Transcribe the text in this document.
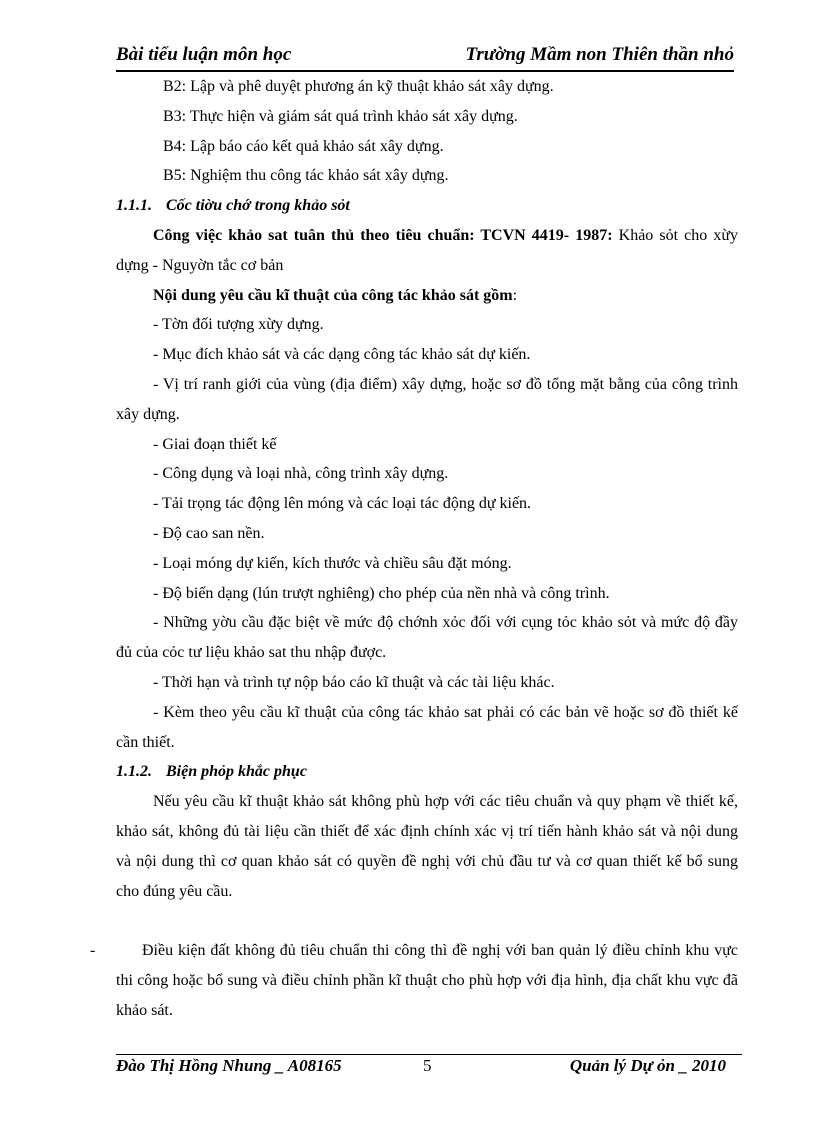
Bài tiểu luận môn học	Trường Mầm non Thiên thần nhỏ

B2: Lập và phê duyệt phương án kỹ thuật khảo sát xây dựng.

B3: Thực hiện và giám sát quá trình khảo sát xây dựng.

B4: Lập báo cáo kết quả khảo sát xây dựng.

B5: Nghiệm thu công tác khảo sát xây dựng.

1.1.1. Cốc tiờu chớ trong khảo sỏt

Công việc khảo sat tuân thủ theo tiêu chuẩn: TCVN 4419- 1987: Khảo sỏt cho xừy dựng - Nguyờn tắc cơ bản

Nội dung yêu cầu kĩ thuật của công tác khảo sát gồm:

- Tờn đối tượng xừy dựng.

- Mục đích khảo sát và các dạng công tác khảo sát dự kiến.

- Vị trí ranh giới của vùng (địa điểm) xây dựng, hoặc sơ đồ tổng mặt bằng của công trình xây dựng.

- Giai đoạn thiết kế

- Công dụng và loại nhà, công trình xây dựng.

- Tải trọng tác động lên móng và các loại tác động dự kiến.

- Độ cao san nền.

- Loại móng dự kiến, kích thước và chiều sâu đặt móng.

- Độ biến dạng (lún trượt nghiêng) cho phép của nền nhà và công trình.

- Những yờu cầu đặc biệt về mức độ chớnh xỏc đối với cụng tỏc khảo sỏt và mức độ đầy đủ của cỏc tư liệu khảo sat thu nhập được.

- Thời hạn và trình tự nộp báo cáo kĩ thuật và các tài liệu khác.

- Kèm theo yêu cầu kĩ thuật của công tác khảo sat phải có các bản vẽ hoặc sơ đồ thiết kế cần thiết.

1.1.2. Biện phỏp khắc phục

Nếu yêu cầu kĩ thuật khảo sát không phù hợp với các tiêu chuẩn và quy phạm về thiết kế, khảo sát, không đủ tài liệu cần thiết để xác định chính xác vị trí tiến hành khảo sát và nội dung và nội dung thì cơ quan khảo sát có quyền đề nghị với chủ đầu tư và cơ quan thiết kế bổ sung cho đúng yêu cầu.

-	Điều kiện đất không đủ tiêu chuẩn thi công thì đề nghị với ban quản lý điều chỉnh khu vực thi công hoặc bổ sung và điều chỉnh phần kĩ thuật cho phù hợp với địa hình, địa chất khu vực đã khảo sát.

Đào Thị Hồng Nhung _ A08165	5	Quản lý Dự ỏn _ 2010
